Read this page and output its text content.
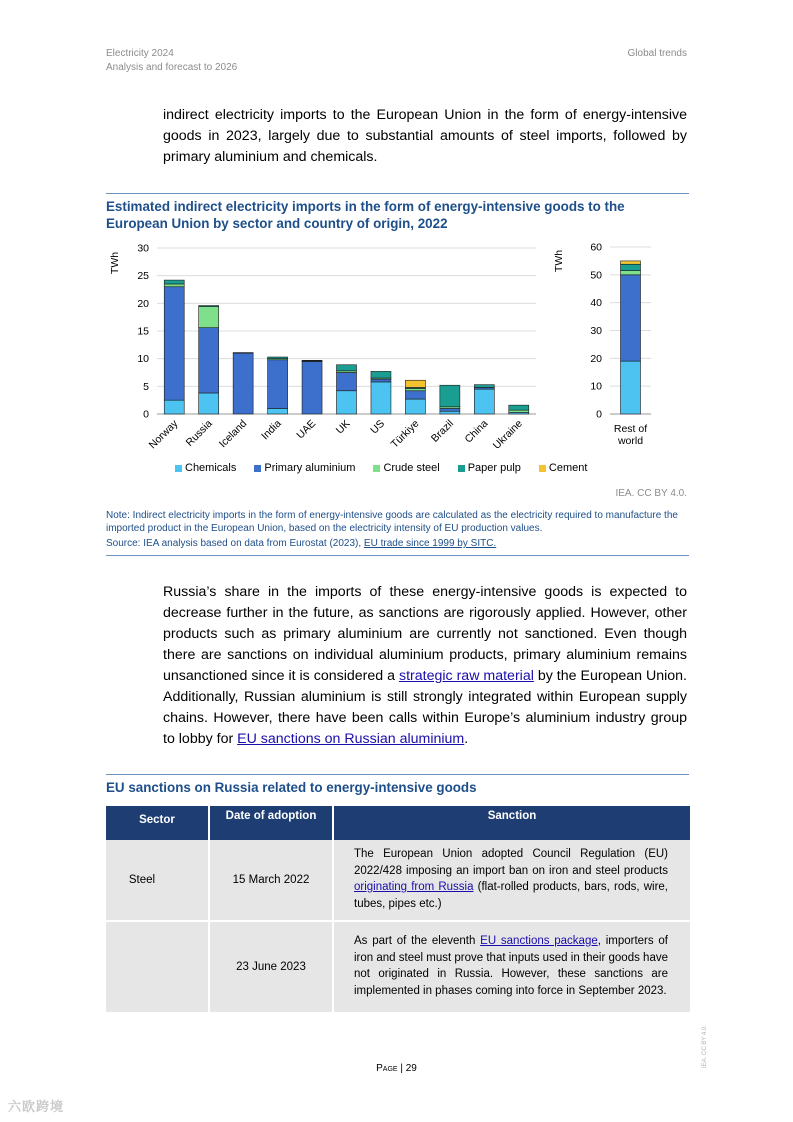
Electricity 2024
Analysis and forecast to 2026
Global trends

indirect electricity imports to the European Union in the form of energy-intensive goods in 2023, largely due to substantial amounts of steel imports, followed by primary aluminium and chemicals.

Estimated indirect electricity imports in the form of energy-intensive goods to the European Union by sector and country of origin, 2022
0
5
10
15
20
25
30
Norway Russia Iceland India UAE UK US Türkiye Brazil China Ukraine
TWh
0
10
20
30
40
50
60
Rest of
world
TWh
Chemicals	Primary aluminium	Crude steel	Paper pulp	Cement
IEA. CC BY 4.0.
Note: Indirect electricity imports in the form of energy-intensive goods are calculated as the electricity required to manufacture the imported product in the European Union, based on the electricity intensity of EU production values.
Source: IEA analysis based on data from Eurostat (2023), EU trade since 1999 by SITC.

Russia’s share in the imports of these energy-intensive goods is expected to decrease further in the future, as sanctions are rigorously applied. However, other products such as primary aluminium are currently not sanctioned. Even though there are sanctions on individual aluminium products, primary aluminium remains unsanctioned since it is considered a strategic raw material by the European Union. Additionally, Russian aluminium is still strongly integrated within European supply chains. However, there have been calls within Europe’s aluminium industry group to lobby for EU sanctions on Russian aluminium.

EU sanctions on Russia related to energy-intensive goods
Sector	Date of adoption	Sanction
Steel	15 March 2022	The European Union adopted Council Regulation (EU) 2022/428 imposing an import ban on iron and steel products originating from Russia (flat-rolled products, bars, rods, wire, tubes, pipes etc.)
	23 June 2023	As part of the eleventh EU sanctions package, importers of iron and steel must prove that inputs used in their goods have not originated in Russia. However, these sanctions are implemented in phases coming into force in September 2023.
Page | 29
IEA. CC BY 4.0.
六欧跨境
